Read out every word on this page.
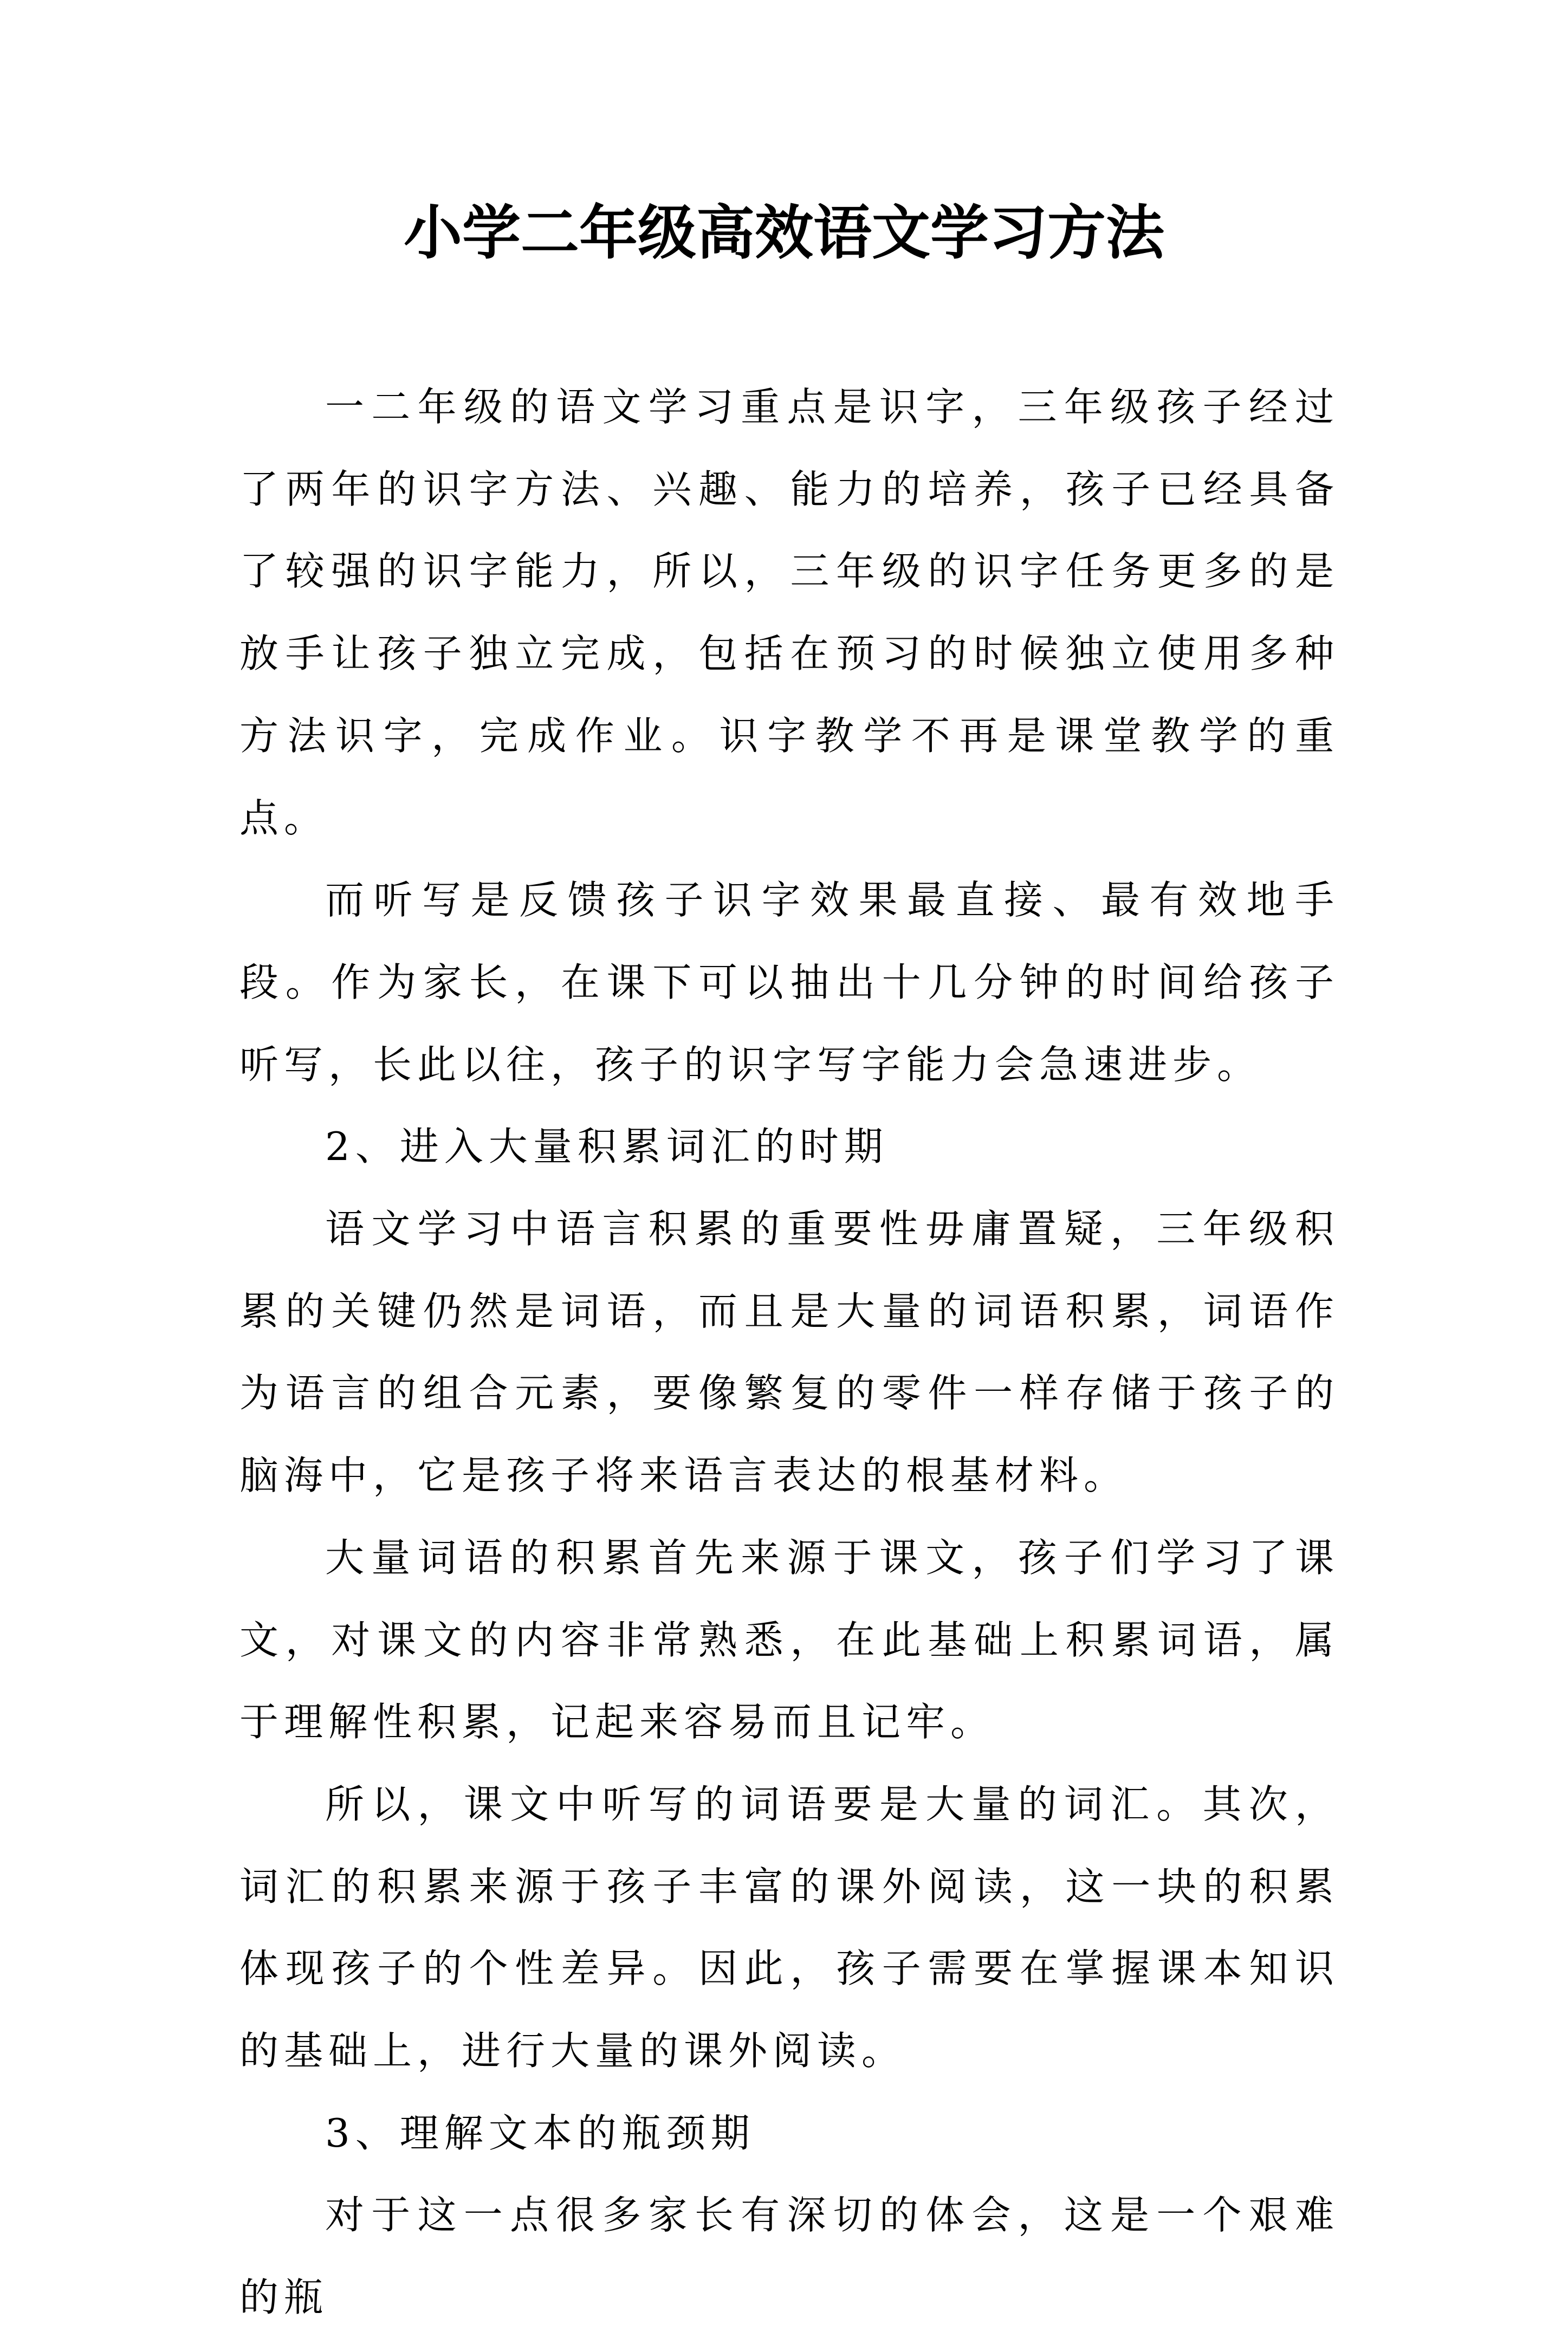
小学二年级高效语文学习方法

一二年级的语文学习重点是识字，三年级孩子经过了两年的识字方法、兴趣、能力的培养，孩子已经具备了较强的识字能力，所以，三年级的识字任务更多的是放手让孩子独立完成，包括在预习的时候独立使用多种方法识字，完成作业。识字教学不再是课堂教学的重点。

而听写是反馈孩子识字效果最直接、最有效地手段。作为家长，在课下可以抽出十几分钟的时间给孩子听写，长此以往，孩子的识字写字能力会急速进步。

2、进入大量积累词汇的时期

语文学习中语言积累的重要性毋庸置疑，三年级积累的关键仍然是词语，而且是大量的词语积累，词语作为语言的组合元素，要像繁复的零件一样存储于孩子的脑海中，它是孩子将来语言表达的根基材料。

大量词语的积累首先来源于课文，孩子们学习了课文，对课文的内容非常熟悉，在此基础上积累词语，属于理解性积累，记起来容易而且记牢。

所以，课文中听写的词语要是大量的词汇。其次，词汇的积累来源于孩子丰富的课外阅读，这一块的积累体现孩子的个性差异。因此，孩子需要在掌握课本知识的基础上，进行大量的课外阅读。

3、理解文本的瓶颈期

对于这一点很多家长有深切的体会，这是一个艰难的瓶
